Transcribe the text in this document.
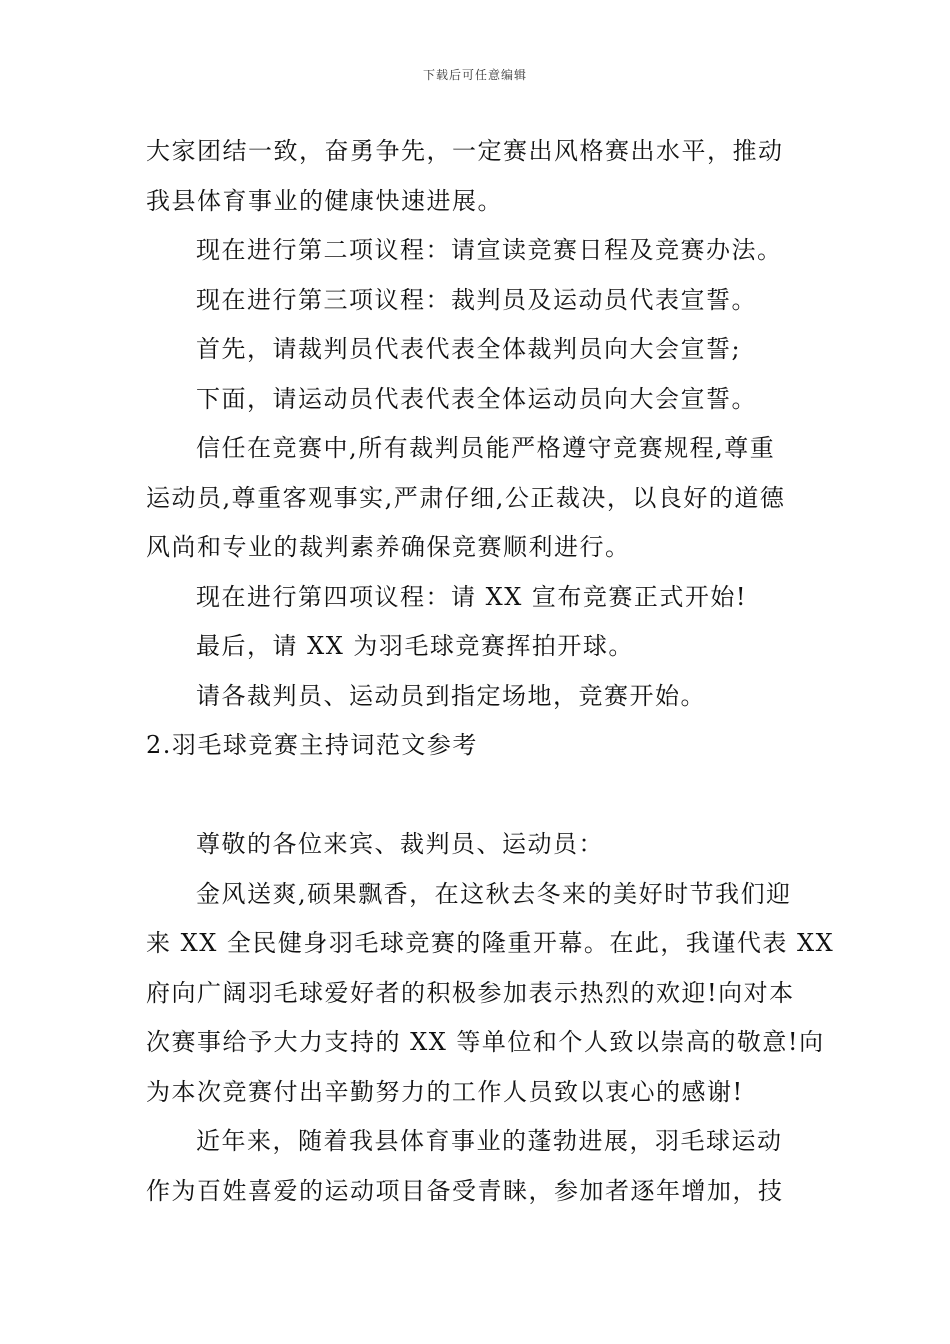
下载后可任意编辑
大家团结一致，奋勇争先，一定赛出风格赛出水平，推动
我县体育事业的健康快速进展。
现在进行第二项议程：请宣读竞赛日程及竞赛办法。
现在进行第三项议程：裁判员及运动员代表宣誓。
首先，请裁判员代表代表全体裁判员向大会宣誓;
下面，请运动员代表代表全体运动员向大会宣誓。
信任在竞赛中,所有裁判员能严格遵守竞赛规程,尊重
运动员,尊重客观事实,严肃仔细,公正裁决，以良好的道德
风尚和专业的裁判素养确保竞赛顺利进行。
现在进行第四项议程：请 XX 宣布竞赛正式开始!
最后，请 XX 为羽毛球竞赛挥拍开球。
请各裁判员、运动员到指定场地，竞赛开始。
2.羽毛球竞赛主持词范文参考
尊敬的各位来宾、裁判员、运动员：
金风送爽,硕果飘香，在这秋去冬来的美好时节我们迎
来 XX 全民健身羽毛球竞赛的隆重开幕。在此，我谨代表 XX
府向广阔羽毛球爱好者的积极参加表示热烈的欢迎!向对本
次赛事给予大力支持的 XX 等单位和个人致以崇高的敬意!向
为本次竞赛付出辛勤努力的工作人员致以衷心的感谢!
近年来，随着我县体育事业的蓬勃进展，羽毛球运动
作为百姓喜爱的运动项目备受青睐，参加者逐年增加，技
